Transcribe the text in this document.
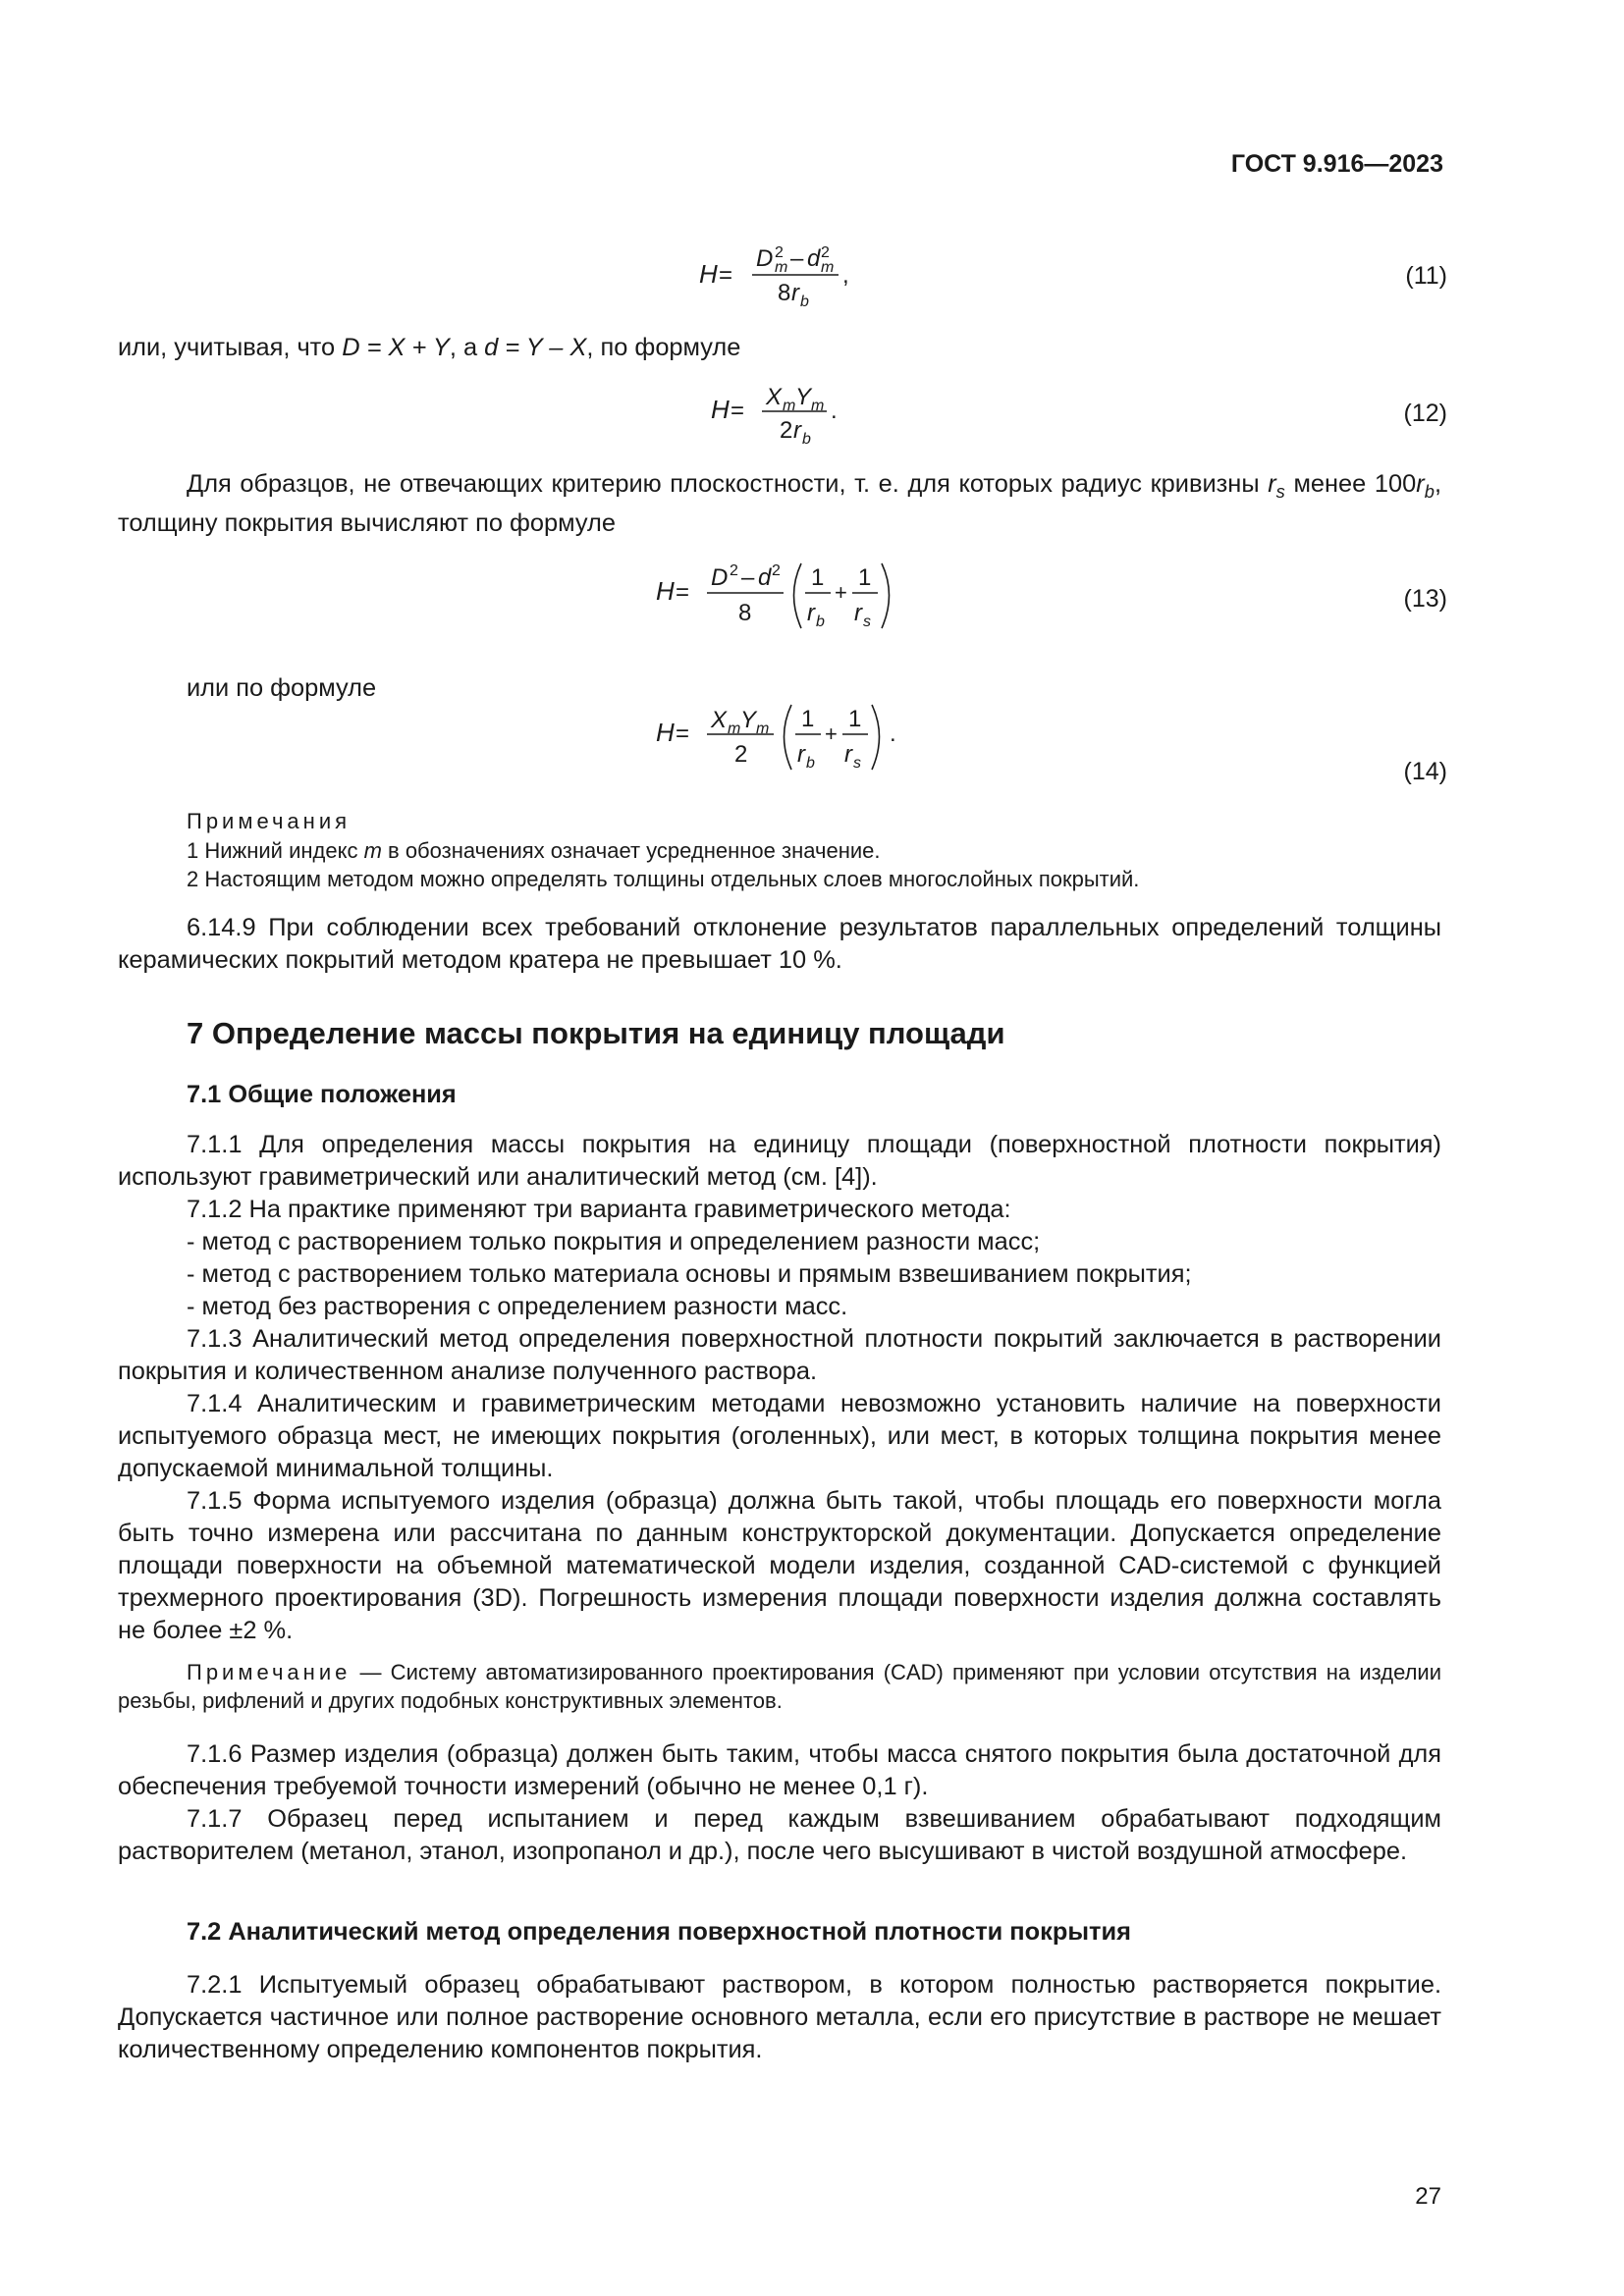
ГОСТ 9.916—2023
H =
D 2
m – d 2
m
8 r b
,	(11)

или, учитывая, что D = X + Y, а d = Y – X, по формуле

H =
X m Y m
2 r b
.	(12)

Для образцов, не отвечающих критерию плоскостности, т. е. для которых радиус кривизны $r_s$ менее $100r_b$, толщину покрытия вычисляют по формуле

H =
D 2 – d 2
8
1
r b
+
1
r s
(13)

или по формуле

H =
X m Y m
2
1
r b
+
1
r s
.
(14)

Примечания

1 Нижний индекс m в обозначениях означает усредненное значение.

2 Настоящим методом можно определять толщины отдельных слоев многослойных покрытий.

6.14.9 При соблюдении всех требований отклонение результатов параллельных определений толщины керамических покрытий методом кратера не превышает 10 %.

7 Определение массы покрытия на единицу площади
7.1 Общие положения

7.1.1 Для определения массы покрытия на единицу площади (поверхностной плотности покрытия) используют гравиметрический или аналитический метод (см. [4]).

7.1.2 На практике применяют три варианта гравиметрического метода:

- метод с растворением только покрытия и определением разности масс;

- метод с растворением только материала основы и прямым взвешиванием покрытия;

- метод без растворения с определением разности масс.

7.1.3 Аналитический метод определения поверхностной плотности покрытий заключается в растворении покрытия и количественном анализе полученного раствора.

7.1.4 Аналитическим и гравиметрическим методами невозможно установить наличие на поверхности испытуемого образца мест, не имеющих покрытия (оголенных), или мест, в которых толщина покрытия менее допускаемой минимальной толщины.

7.1.5 Форма испытуемого изделия (образца) должна быть такой, чтобы площадь его поверхности могла быть точно измерена или рассчитана по данным конструкторской документации. Допускается определение площади поверхности на объемной математической модели изделия, созданной CAD-системой с функцией трехмерного проектирования (3D). Погрешность измерения площади поверхности изделия должна составлять не более ±2 %.

Примечание — Систему автоматизированного проектирования (CAD) применяют при условии отсутствия на изделии резьбы, рифлений и других подобных конструктивных элементов.

7.1.6 Размер изделия (образца) должен быть таким, чтобы масса снятого покрытия была достаточной для обеспечения требуемой точности измерений (обычно не менее 0,1 г).

7.1.7 Образец перед испытанием и перед каждым взвешиванием обрабатывают подходящим растворителем (метанол, этанол, изопропанол и др.), после чего высушивают в чистой воздушной атмосфере.

7.2 Аналитический метод определения поверхностной плотности покрытия

7.2.1 Испытуемый образец обрабатывают раствором, в котором полностью растворяется покрытие. Допускается частичное или полное растворение основного металла, если его присутствие в растворе не мешает количественному определению компонентов покрытия.

27
